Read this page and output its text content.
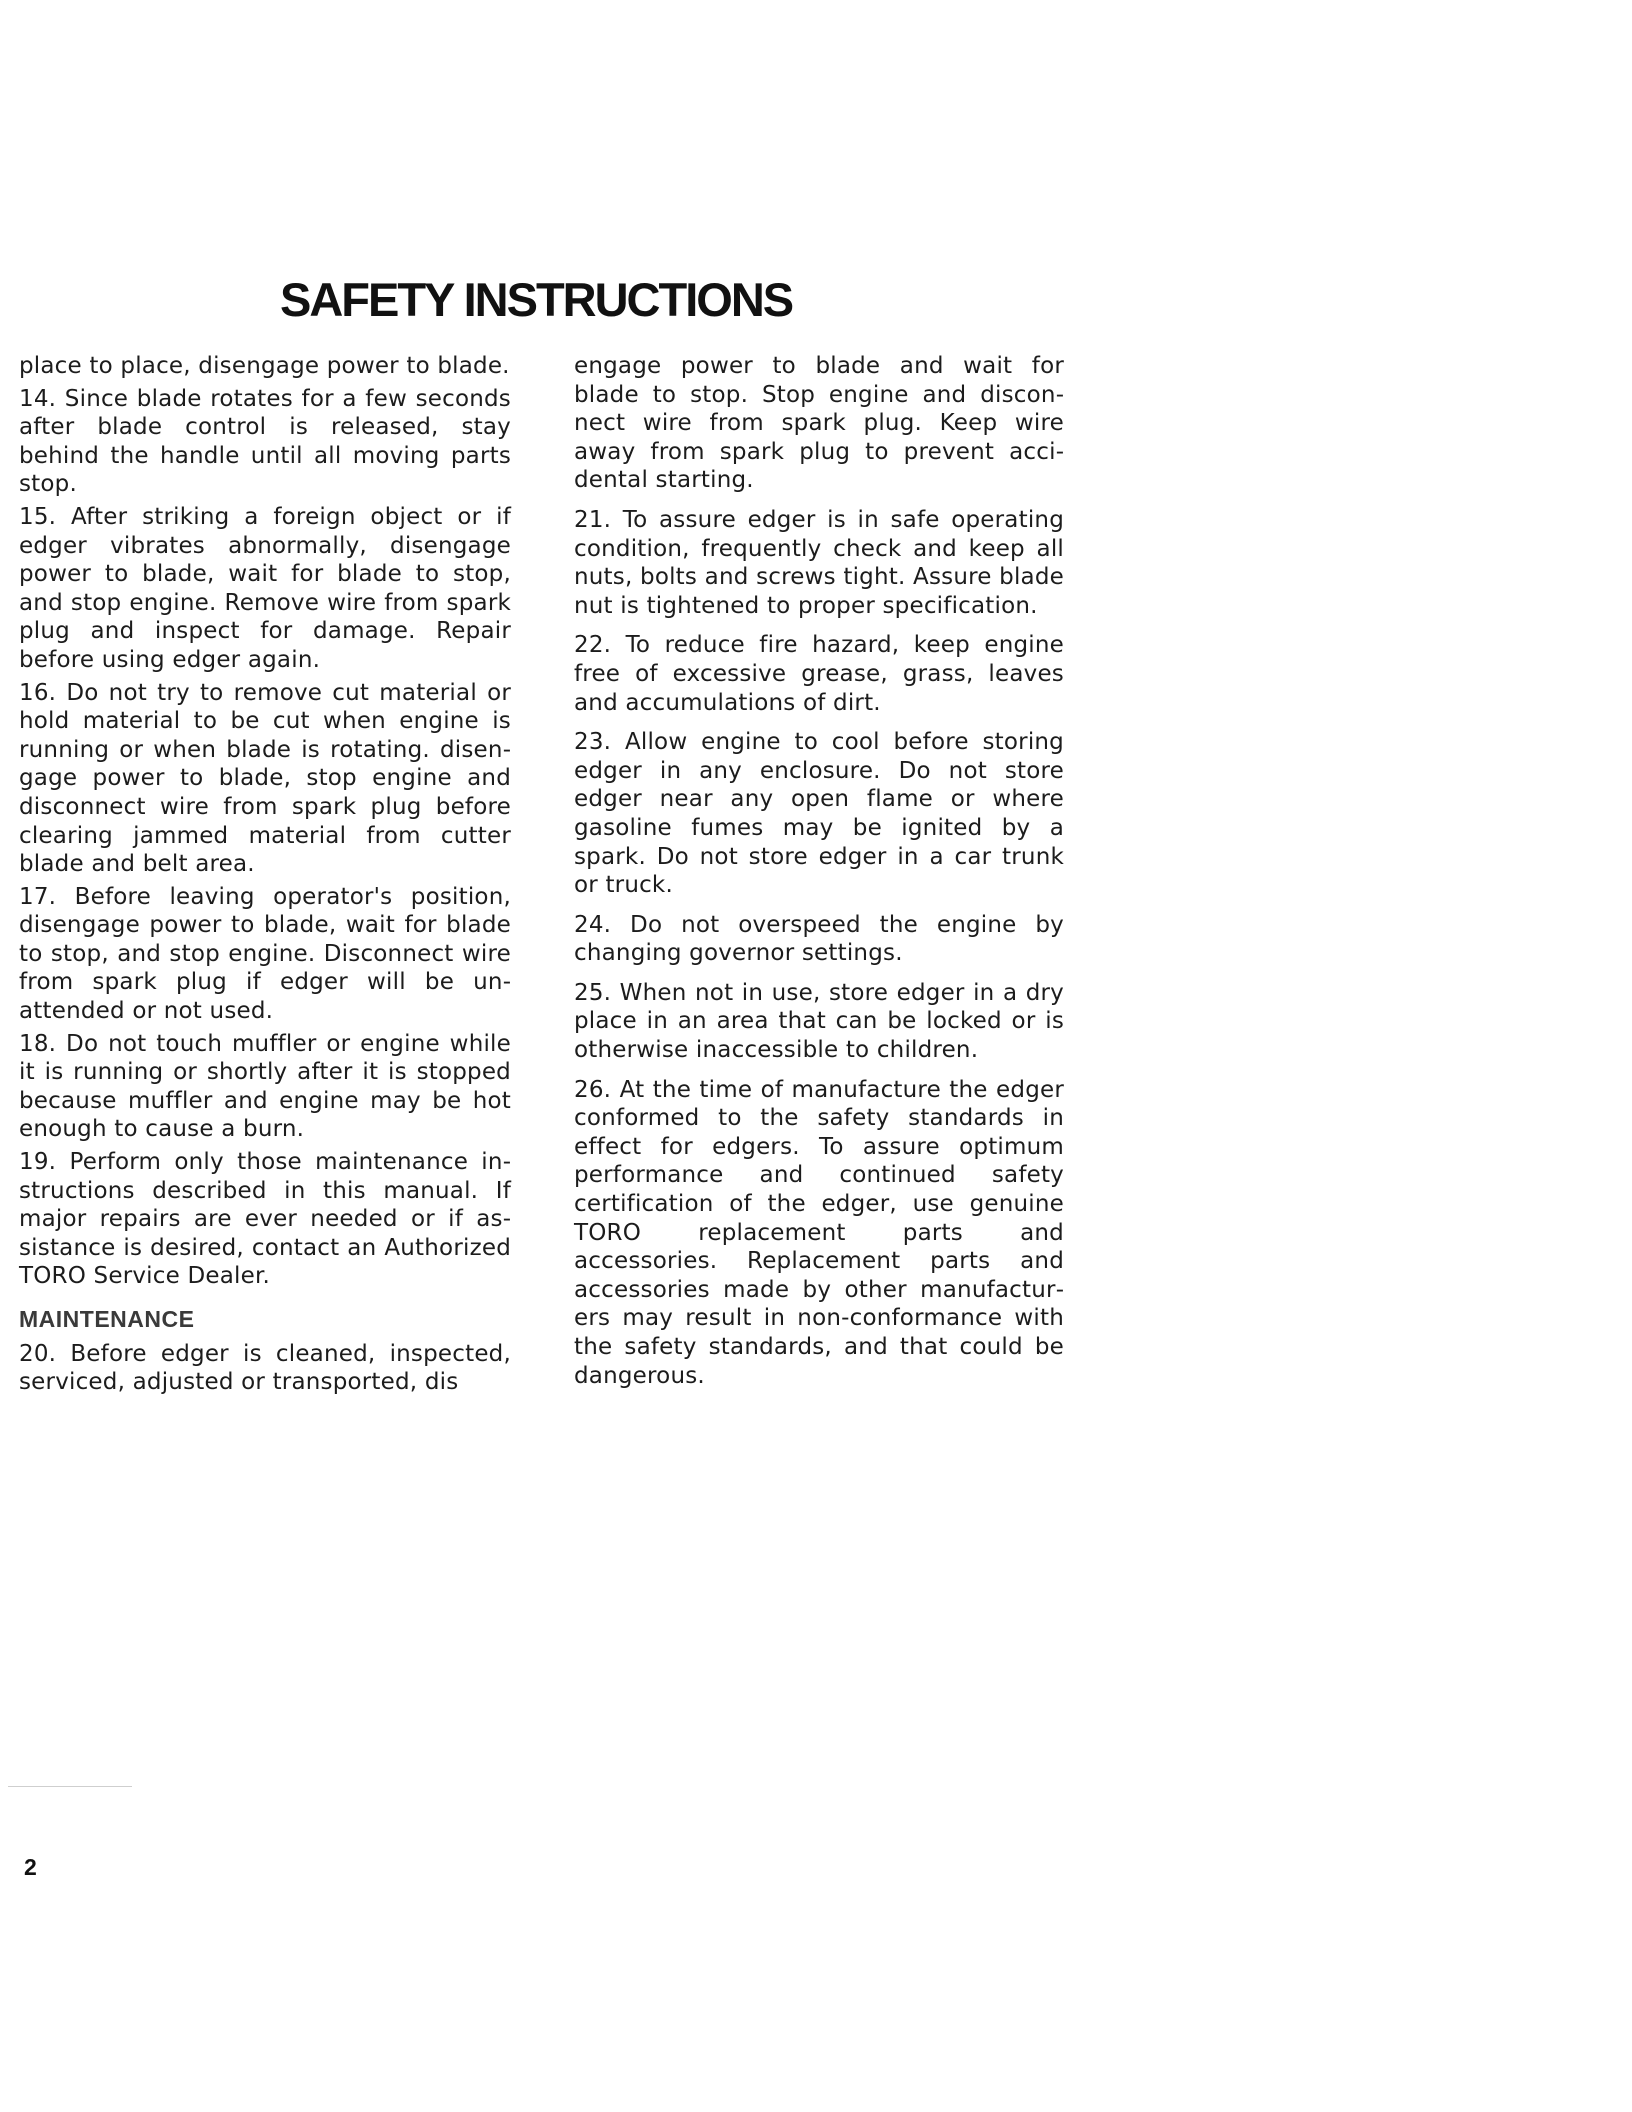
SAFETY INSTRUCTIONS

place to place, disengage power to blade.

14. Since blade rotates for a few seconds after blade control is released, stay behind the handle until all moving parts stop.

15. After striking a foreign object or if edger vibrates abnormally, disengage power to blade, wait for blade to stop, and stop engine. Remove wire from spark plug and inspect for damage. Repair before using edger again.

16. Do not try to remove cut material or hold material to be cut when engine is running or when blade is rotating. disengage power to blade, stop engine and disconnect wire from spark plug before clearing jammed material from cutter blade and belt area.

17. Before leaving operator's position, disengage power to blade, wait for blade to stop, and stop engine. Disconnect wire from spark plug if edger will be unattended or not used.

18. Do not touch muffler or engine while it is running or shortly after it is stopped because muffler and engine may be hot enough to cause a burn.

19. Perform only those maintenance instructions described in this manual. If major repairs are ever needed or if assistance is desired, contact an Authorized TORO Service Dealer.

MAINTENANCE

20. Before edger is cleaned, inspected, serviced, adjusted or transported, dis

engage power to blade and wait for blade to stop. Stop engine and disconnect wire from spark plug. Keep wire away from spark plug to prevent accidental starting.

21. To assure edger is in safe operating condition, frequently check and keep all nuts, bolts and screws tight. Assure blade nut is tightened to proper specification.

22. To reduce fire hazard, keep engine free of excessive grease, grass, leaves and accumulations of dirt.

23. Allow engine to cool before storing edger in any enclosure. Do not store edger near any open flame or where gasoline fumes may be ignited by a spark. Do not store edger in a car trunk or truck.

24. Do not overspeed the engine by changing governor settings.

25. When not in use, store edger in a dry place in an area that can be locked or is otherwise inaccessible to children.

26. At the time of manufacture the edger conformed to the safety standards in effect for edgers. To assure optimum performance and continued safety certification of the edger, use genuine TORO replacement parts and accessories. Replacement parts and accessories made by other manufacturers may result in non-conformance with the safety standards, and that could be dangerous.

2
